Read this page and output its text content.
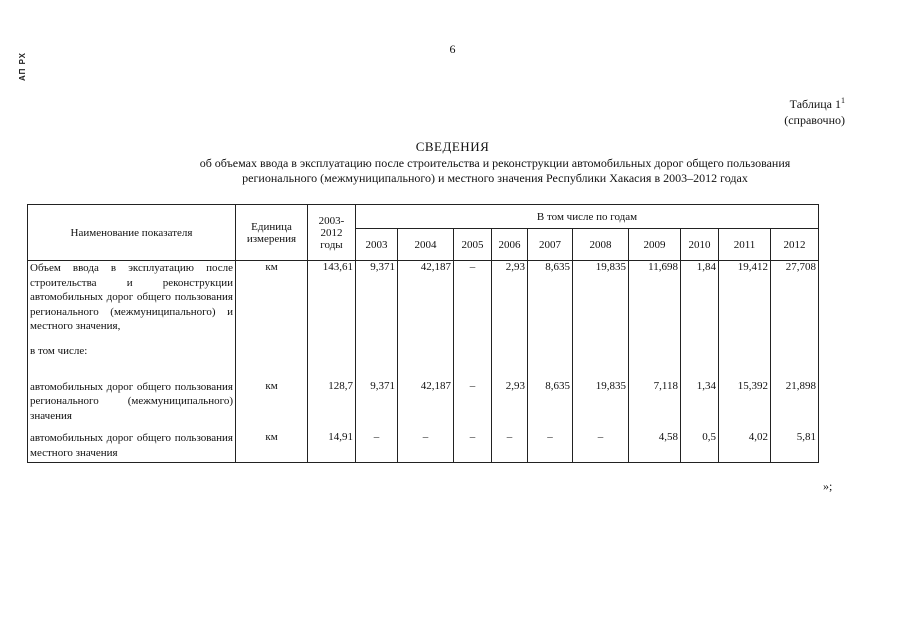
АП РХ
6
Таблица $1^1$
(справочно)
СВЕДЕНИЯ
об объемах ввода в эксплуатацию после строительства и реконструкции автомобильных дорог общего пользования
регионального (межмуниципального) и местного значения Республики Хакасия в 2003–2012 годах
Наименование показателя	Единица измерения	2003-
2012
годы	В том числе по годам									
			2003	2004	2005	2006	2007	2008	2009	2010	2011	2012
Объем ввода в эксплуатацию после строительства и реконструкции автомобильных дорог общего пользования регионального (межмуниципального) и местного значения,	км	143,61	9,371	42,187	–	2,93	8,635	19,835	11,698	1,84	19,412	27,708
в том числе:												
автомобильных дорог общего пользования регионального (межмуниципального) значения	км	128,7	9,371	42,187	–	2,93	8,635	19,835	7,118	1,34	15,392	21,898
автомобильных дорог общего пользования местного значения	км	14,91	–	–	–	–	–	–	4,58	0,5	4,02	5,81
»;
